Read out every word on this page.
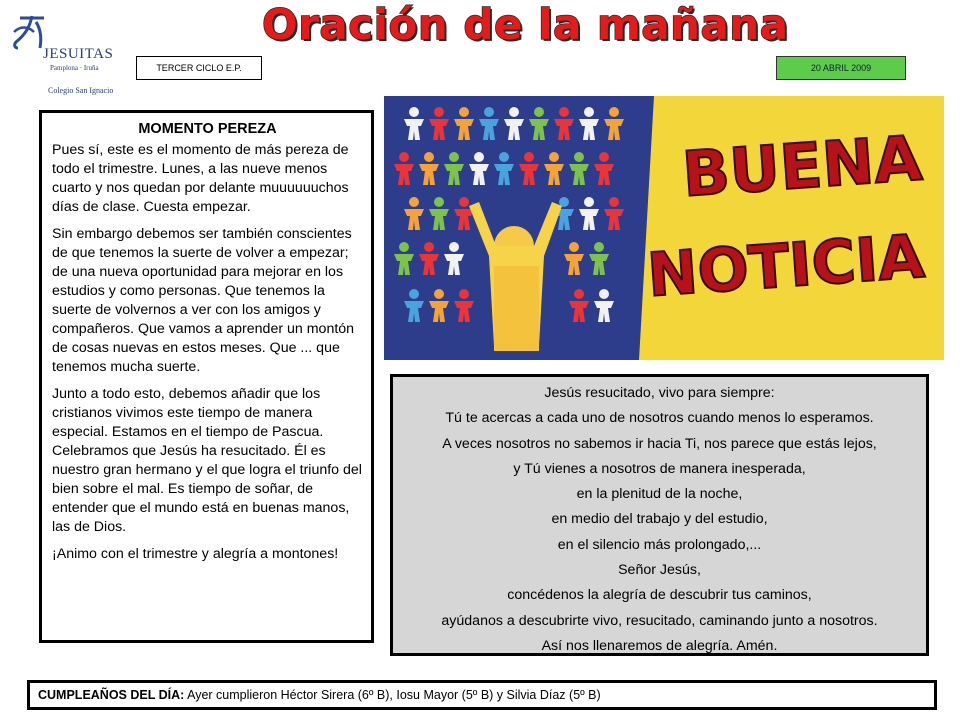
JESUITAS
Pamplona · Iruña
Colegio San Ignacio
Oración de la mañana
TERCER CICLO E.P.	20 ABRIL 2009
MOMENTO PEREZA

Pues sí, este es el momento de más pereza de todo el trimestre. Lunes, a las nueve menos cuarto y nos quedan por delante muuuuuuchos días de clase. Cuesta empezar.

Sin embargo debemos ser también conscientes de que tenemos la suerte de volver a empezar; de una nueva oportunidad para mejorar en los estudios y como personas. Que tenemos la suerte de volvernos a ver con los amigos y compañeros. Que vamos a aprender un montón de cosas nuevas en estos meses. Que ... que tenemos mucha suerte.

Junto a todo esto, debemos añadir que los cristianos vivimos este tiempo de manera especial. Estamos en el tiempo de Pascua. Celebramos que Jesús ha resucitado. Él es nuestro gran hermano y el que logra el triunfo del bien sobre el mal. Es tiempo de soñar, de entender que el mundo está en buenas manos, las de Dios.

¡Animo con el trimestre y alegría a montones!

BUENA
NOTICIA
Jesús resucitado, vivo para siempre:
Tú te acercas a cada uno de nosotros cuando menos lo esperamos.
A veces nosotros no sabemos ir hacia Ti, nos parece que estás lejos,
y Tú vienes a nosotros de manera inesperada,
en la plenitud de la noche,
en medio del trabajo y del estudio,
en el silencio más prolongado,...
Señor Jesús,
concédenos la alegría de descubrir tus caminos,
ayúdanos a descubrirte vivo, resucitado, caminando junto a nosotros.
Así nos llenaremos de alegría. Amén.
CUMPLEAÑOS DEL DÍA: Ayer cumplieron Héctor Sirera (6º B), Iosu Mayor (5º B) y Silvia Díaz (5º B)
